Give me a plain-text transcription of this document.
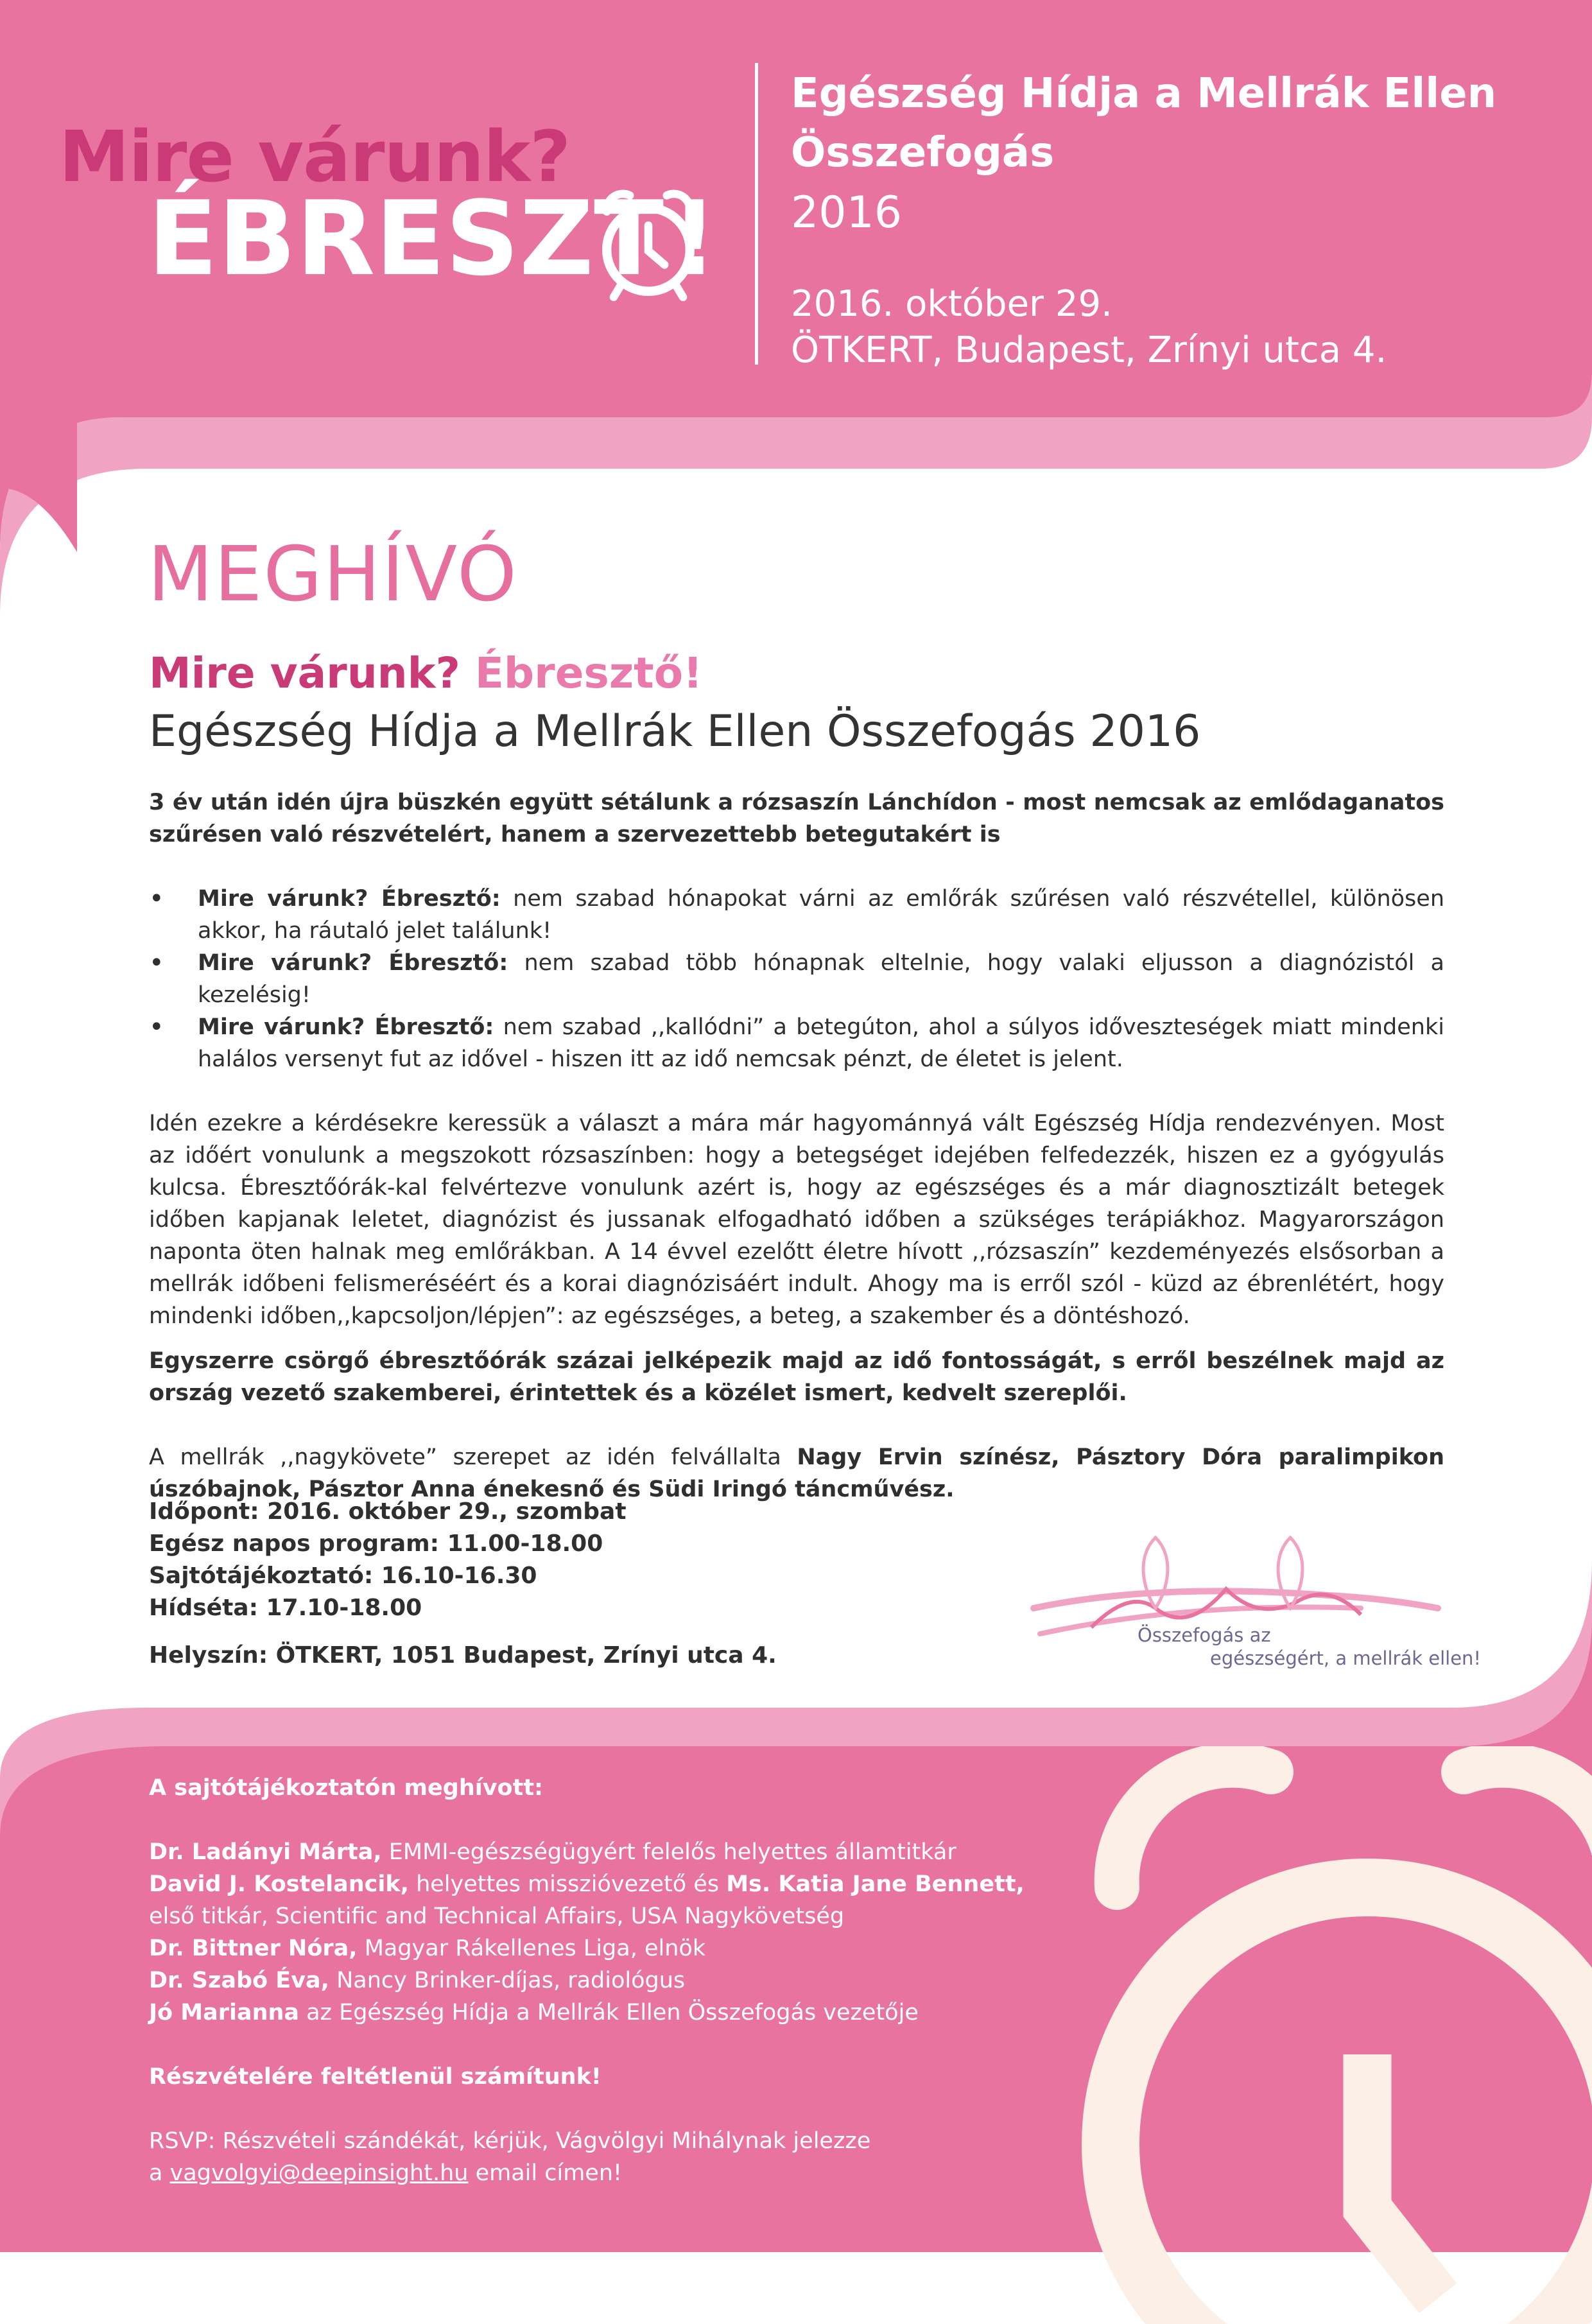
Mire várunk?
ÉBRESZT !
Egészség Hídja a Mellrák Ellen
Összefogás
2016
2016. október 29.
ÖTKERT, Budapest, Zrínyi utca 4.
MEGHÍVÓ
Mire várunk? Ébresztő!
Egészség Hídja a Mellrák Ellen Összefogás 2016

3 év után idén újra büszkén együtt sétálunk a rózsaszín Lánchídon - most nemcsak az emlődaganatos szűrésen való részvételért, hanem a szervezettebb betegutakért is

• Mire várunk? Ébresztő: nem szabad hónapokat várni az emlőrák szűrésen való részvétellel, különösen akkor, ha ráutaló jelet találunk!
• Mire várunk? Ébresztő: nem szabad több hónapnak eltelnie, hogy valaki eljusson a diagnózistól a kezelésig!
• Mire várunk? Ébresztő: nem szabad ,,kallódni” a betegúton, ahol a súlyos időveszteségek miatt mindenki halálos versenyt fut az idővel - hiszen itt az idő nemcsak pénzt, de életet is jelent.

Idén ezekre a kérdésekre keressük a választ a mára már hagyománnyá vált Egészség Hídja rendezvényen. Most az időért vonulunk a megszokott rózsaszínben: hogy a betegséget idejében felfedezzék, hiszen ez a gyógyulás kulcsa. Ébresztőórák-kal felvértezve vonulunk azért is, hogy az egészséges és a már diagnosztizált betegek időben kapjanak leletet, diagnózist és jussanak elfogadható időben a szükséges terápiákhoz. Magyarországon naponta öten halnak meg emlőrákban. A 14 évvel ezelőtt életre hívott ,,rózsaszín” kezdeményezés elsősorban a mellrák időbeni felismeréséért és a korai diagnózisáért indult. Ahogy ma is erről szól - küzd az ébrenlétért, hogy mindenki időben,,kapcsoljon/lépjen”: az egészséges, a beteg, a szakember és a döntéshozó.

Egyszerre csörgő ébresztőórák százai jelképezik majd az idő fontosságát, s erről beszélnek majd az ország vezető szakemberei, érintettek és a közélet ismert, kedvelt szereplői.

A mellrák ,,nagykövete” szerepet az idén felvállalta Nagy Ervin színész, Pásztory Dóra paralimpikon úszóbajnok, Pásztor Anna énekesnő és Südi Iringó táncművész.

Időpont: 2016. október 29., szombat
Egész napos program: 11.00-18.00
Sajtótájékoztató: 16.10-16.30
Hídséta: 17.10-18.00
Helyszín: ÖTKERT, 1051 Budapest, Zrínyi utca 4.
Összefogás az
egészségért, a mellrák ellen!
A sajtótájékoztatón meghívott:
Dr. Ladányi Márta, EMMI-egészségügyért felelős helyettes államtitkár
David J. Kostelancik, helyettes misszióvezető és Ms. Katia Jane Bennett,
első titkár, Scientific and Technical Affairs, USA Nagykövetség
Dr. Bittner Nóra, Magyar Rákellenes Liga, elnök
Dr. Szabó Éva, Nancy Brinker-díjas, radiológus
Jó Marianna az Egészség Hídja a Mellrák Ellen Összefogás vezetője
Részvételére feltétlenül számítunk!
RSVP: Részvételi szándékát, kérjük, Vágvölgyi Mihálynak jelezze
a vagvolgyi@deepinsight.hu email címen!
